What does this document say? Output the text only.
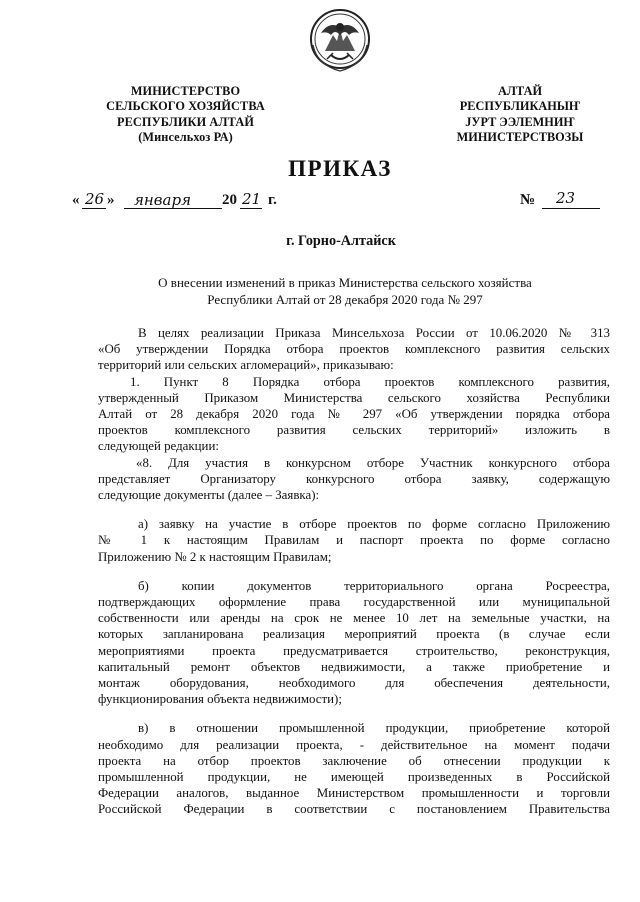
МИНИСТЕРСТВО
СЕЛЬСКОГО ХОЗЯЙСТВА
РЕСПУБЛИКИ АЛТАЙ
(Минсельхоз РА)
АЛТАЙ
РЕСПУБЛИКАНЫҤ
ЈУРТ ЭЭЛЕМНИҤ
МИНИСТЕРСТВОЗЫ
ПРИКАЗ
« 26 » января 20 21 г.	№ 23
г. Горно-Алтайск
О внесении изменений в приказ Министерства сельского хозяйства
Республики Алтай от 28 декабря 2020 года № 297

В целях реализации Приказа Минсельхоза России от 10.06.2020 № 313

«Об утверждении Порядка отбора проектов комплексного развития сельских

территорий или сельских агломераций», приказываю:

1. Пункт 8 Порядка отбора проектов комплексного развития,

утвержденный Приказом Министерства сельского хозяйства Республики

Алтай от 28 декабря 2020 года № 297 «Об утверждении порядка отбора

проектов комплексного развития сельских территорий» изложить в

следующей редакции:

«8. Для участия в конкурсном отборе Участник конкурсного отбора

представляет Организатору конкурсного отбора заявку, содержащую

следующие документы (далее – Заявка):

а) заявку на участие в отборе проектов по форме согласно Приложению

№ 1 к настоящим Правилам и паспорт проекта по форме согласно

Приложению № 2 к настоящим Правилам;

б) копии документов территориального органа Росреестра,

подтверждающих оформление права государственной или муниципальной

собственности или аренды на срок не менее 10 лет на земельные участки, на

которых запланирована реализация мероприятий проекта (в случае если

мероприятиями проекта предусматривается строительство, реконструкция,

капитальный ремонт объектов недвижимости, а также приобретение и

монтаж оборудования, необходимого для обеспечения деятельности,

функционирования объекта недвижимости);

в) в отношении промышленной продукции, приобретение которой

необходимо для реализации проекта, - действительное на момент подачи

проекта на отбор проектов заключение об отнесении продукции к

промышленной продукции, не имеющей произведенных в Российской

Федерации аналогов, выданное Министерством промышленности и торговли

Российской Федерации в соответствии с постановлением Правительства
